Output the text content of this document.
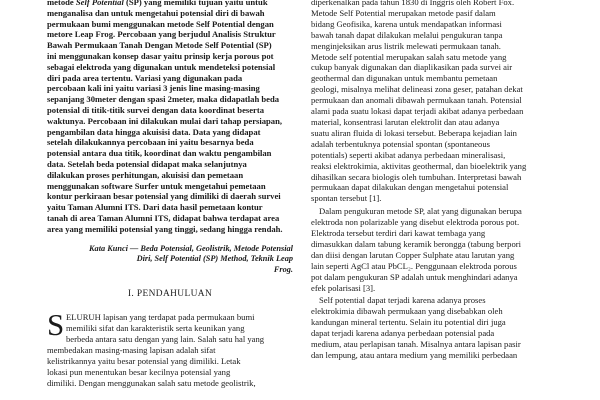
metode Self Potential (SP) yang memiliki tujuan yaitu untuk
menganalisa dan untuk mengetahui potensial diri di bawah
permukaan bumi menggunakan metode Self Potential dengan
metore Leap Frog. Percobaan yang berjudul Analisis Struktur
Bawah Permukaan Tanah Dengan Metode Self Potential (SP)
ini menggunakan konsep dasar yaitu prinsip kerja porous pot
sebagai elektroda yang digunakan untuk mendeteksi potensial
diri pada area tertentu. Variasi yang digunakan pada
percobaan kali ini yaitu variasi 3 jenis line masing-masing
sepanjang 30meter dengan spasi 2meter, maka didapatlah beda
potensial di titik-titik survei dengan data koordinat beserta
waktunya. Percobaan ini dilakukan mulai dari tahap persiapan,
pengambilan data hingga akuisisi data. Data yang didapat
setelah dilakukannya percobaan ini yaitu besarnya beda
potensial antara dua titik, koordinat dan waktu pengambilan
data. Setelah beda potensial didapat maka selanjutnya
dilakukan proses perhitungan, akuisisi dan pemetaan
menggunakan software Surfer untuk mengetahui pemetaan
kontur perkiraan besar potensial yang dimiliki di daerah survei
yaitu Taman Alumni ITS. Dari data hasil pemetaan kontur
tanah di area Taman Alumni ITS, didapat bahwa terdapat area
area yang memiliki potensial yang tinggi, sedang hingga rendah.
Kata Kunci — Beda Potensial, Geolistrik, Metode Potensial
Diri, Self Potential (SP) Method, Teknik Leap
Frog.
I. PENDAHULUAN
S ELURUH lapisan yang terdapat pada permukaan bumi
memiliki sifat dan karakteristik serta keunikan yang
berbeda antara satu dengan yang lain. Salah satu hal yang
membedakan masing-masing lapisan adalah sifat
kelistrikannya yaitu besar potensial yang dimiliki. Letak
lokasi pun menentukan besar kecilnya potensial yang
dimiliki. Dengan menggunakan salah satu metode geolistrik,
diperkenalkan pada tahun 1830 di Inggris oleh Robert Fox.
Metode Self Potential merupakan metode pasif dalam
bidang Geofisika, karena untuk mendapatkan informasi
bawah tanah dapat dilakukan melalui pengukuran tanpa
menginjeksikan arus listrik melewati permukaan tanah.
Metode self potential merupakan salah satu metode yang
cukup banyak digunakan dan diaplikasikan pada survei air
geothermal dan digunakan untuk membantu pemetaan
geologi, misalnya melihat delineasi zona geser, patahan dekat
permukaan dan anomali dibawah permukaan tanah. Potensial
alami pada suatu lokasi dapat terjadi akibat adanya perbedaan
material, konsentrasi larutan elektrolit dan atau adanya
suatu aliran fluida di lokasi tersebut. Beberapa kejadian lain
adalah terbentuknya potensial spontan (spontaneous
potentials) seperti akibat adanya perbedaan mineralisasi,
reaksi elektrokimia, aktivitas geothermal, dan bioelektrik yang
dihasilkan secara biologis oleh tumbuhan. Interpretasi bawah
permukaan dapat dilakukan dengan mengetahui potensial
spontan tersebut [1].
Dalam pengukuran metode SP, alat yang digunakan berupa
elektroda non polarizable yang disebut elektroda porous pot.
Elektroda tersebut terdiri dari kawat tembaga yang
dimasukkan dalam tabung keramik berongga (tabung berpori
dan diisi dengan larutan Copper Sulphate atau larutan yang
lain seperti AgCl atau PbCL₂. Penggunaan elektroda porous
pot dalam pengukuran SP adalah untuk menghindari adanya
efek polarisasi [3].
Self potential dapat terjadi karena adanya proses
elektrokimia dibawah permukaan yang disebabkan oleh
kandungan mineral tertentu. Selain itu potential diri juga
dapat terjadi karena adanya perbedaan potensial pada
medium, atau perlapisan tanah. Misalnya antara lapisan pasir
dan lempung, atau antara medium yang memiliki perbedaan
